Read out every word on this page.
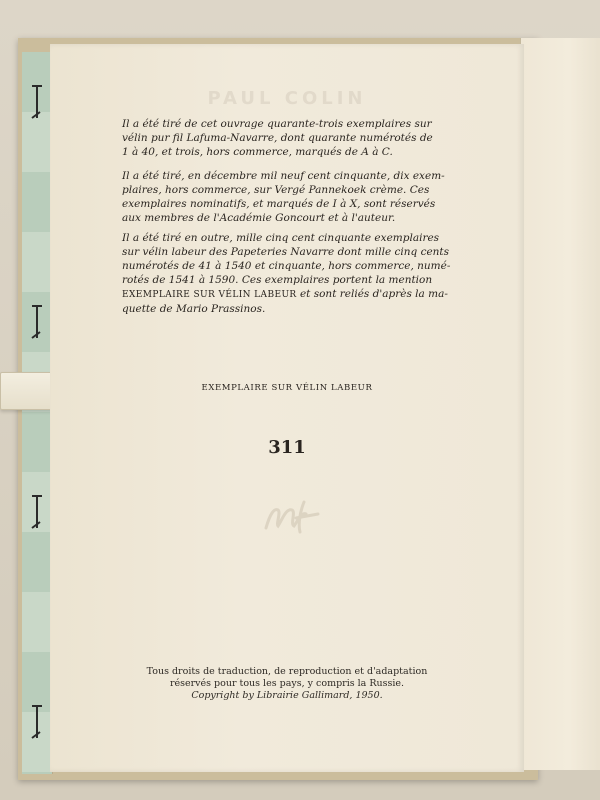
PAUL COLIN

Il a été tiré de cet ouvrage quarante-trois exemplaires sur
vélin pur fil Lafuma-Navarre, dont quarante numérotés de
1 à 40, et trois, hors commerce, marqués de A à C.

Il a été tiré, en décembre mil neuf cent cinquante, dix exem-
plaires, hors commerce, sur Vergé Pannekoek crème. Ces
exemplaires nominatifs, et marqués de I à X, sont réservés
aux membres de l'Académie Goncourt et à l'auteur.

Il a été tiré en outre, mille cinq cent cinquante exemplaires
sur vélin labeur des Papeteries Navarre dont mille cinq cents
numérotés de 41 à 1540 et cinquante, hors commerce, numé-
rotés de 1541 à 1590. Ces exemplaires portent la mention
EXEMPLAIRE SUR VÉLIN LABEUR et sont reliés d'après la ma-
quette de Mario Prassinos.

EXEMPLAIRE SUR VÉLIN LABEUR
311
Tous droits de traduction, de reproduction et d'adaptation
réservés pour tous les pays, y compris la Russie.
Copyright by Librairie Gallimard, 1950.
